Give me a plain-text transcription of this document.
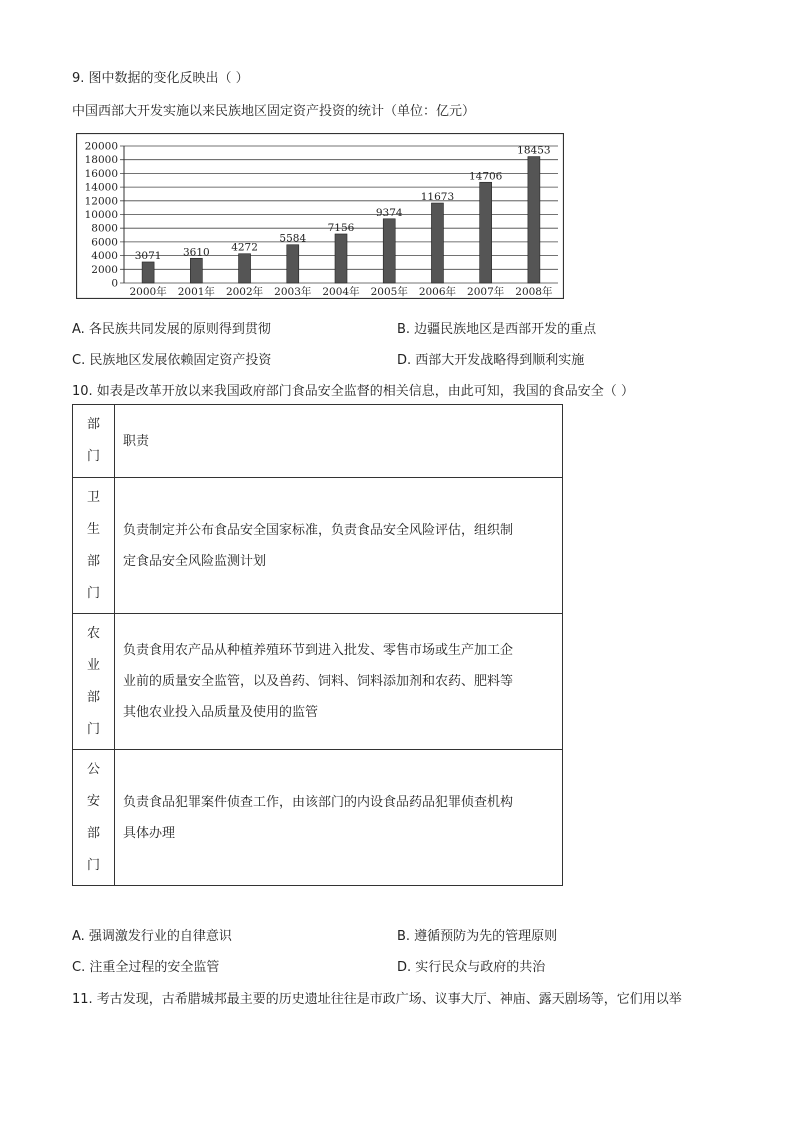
9. 图中数据的变化反映出（ ）
中国西部大开发实施以来民族地区固定资产投资的统计（单位：亿元）
0
2000
4000
6000
8000
10000
12000
14000
16000
18000
20000
3071
2000年
3610
2001年
4272
2002年
5584
2003年
7156
2004年
9374
2005年
11673
2006年
14706
2007年
18453
2008年
A. 各民族共同发展的原则得到贯彻	B. 边疆民族地区是西部开发的重点
C. 民族地区发展依赖固定资产投资	D. 西部大开发战略得到顺利实施
10. 如表是改革开放以来我国政府部门食品安全监督的相关信息，由此可知，我国的食品安全（ ）
部门	职责

卫生部门	负责制定并公布食品安全国家标准，负责食品安全风险评估，组织制
定食品安全风险监测计划

农业部门	负责食用农产品从种植养殖环节到进入批发、零售市场或生产加工企
业前的质量安全监管，以及兽药、饲料、饲料添加剂和农药、肥料等
其他农业投入品质量及使用的监管

公安部门	负责食品犯罪案件侦查工作，由该部门的内设食品药品犯罪侦查机构
具体办理
A. 强调激发行业的自律意识	B. 遵循预防为先的管理原则
C. 注重全过程的安全监管	D. 实行民众与政府的共治
11. 考古发现，古希腊城邦最主要的历史遗址往往是市政广场、议事大厅、神庙、露天剧场等，它们用以举
